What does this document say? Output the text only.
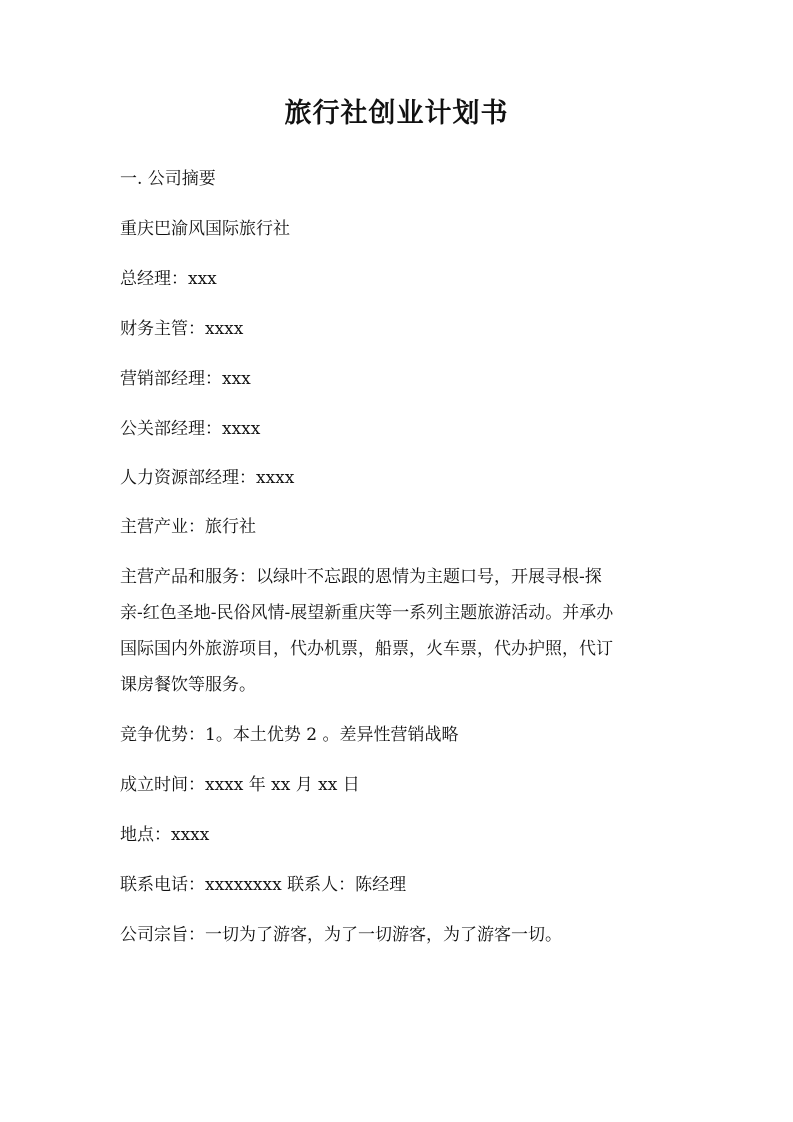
旅行社创业计划书

一. 公司摘要

重庆巴渝风国际旅行社

总经理：xxx

财务主管：xxxx

营销部经理：xxx

公关部经理：xxxx

人力资源部经理：xxxx

主营产业：旅行社

主营产品和服务：以绿叶不忘跟的恩情为主题口号，开展寻根-探

亲-红色圣地-民俗风情-展望新重庆等一系列主题旅游活动。并承办

国际国内外旅游项目，代办机票，船票，火车票，代办护照，代订

课房餐饮等服务。

竞争优势：1。本土优势 2 。差异性营销战略

成立时间：xxxx 年 xx 月 xx 日

地点：xxxx

联系电话：xxxxxxxx 联系人：陈经理

公司宗旨：一切为了游客，为了一切游客，为了游客一切。
